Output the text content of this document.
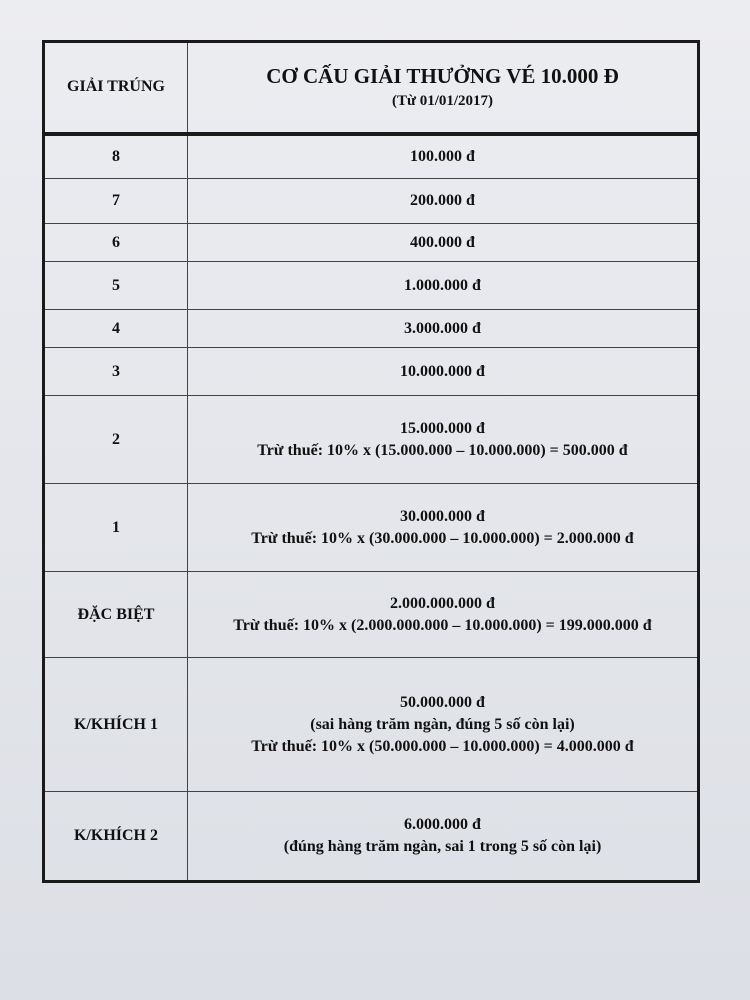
GIẢI TRÚNG	CƠ CẤU GIẢI THƯỞNG VÉ 10.000 Đ
(Từ 01/01/2017)

8	100.000 đ

7	200.000 đ

6	400.000 đ

5	1.000.000 đ

4	3.000.000 đ

3	10.000.000 đ

2	15.000.000 đ
Trừ thuế: 10% x (15.000.000 – 10.000.000) = 500.000 đ

1	30.000.000 đ
Trừ thuế: 10% x (30.000.000 – 10.000.000) = 2.000.000 đ

ĐẶC BIỆT	2.000.000.000 đ
Trừ thuế: 10% x (2.000.000.000 – 10.000.000) = 199.000.000 đ

K/KHÍCH 1	50.000.000 đ
(sai hàng trăm ngàn, đúng 5 số còn lại)
Trừ thuế: 10% x (50.000.000 – 10.000.000) = 4.000.000 đ

K/KHÍCH 2	6.000.000 đ
(đúng hàng trăm ngàn, sai 1 trong 5 số còn lại)
